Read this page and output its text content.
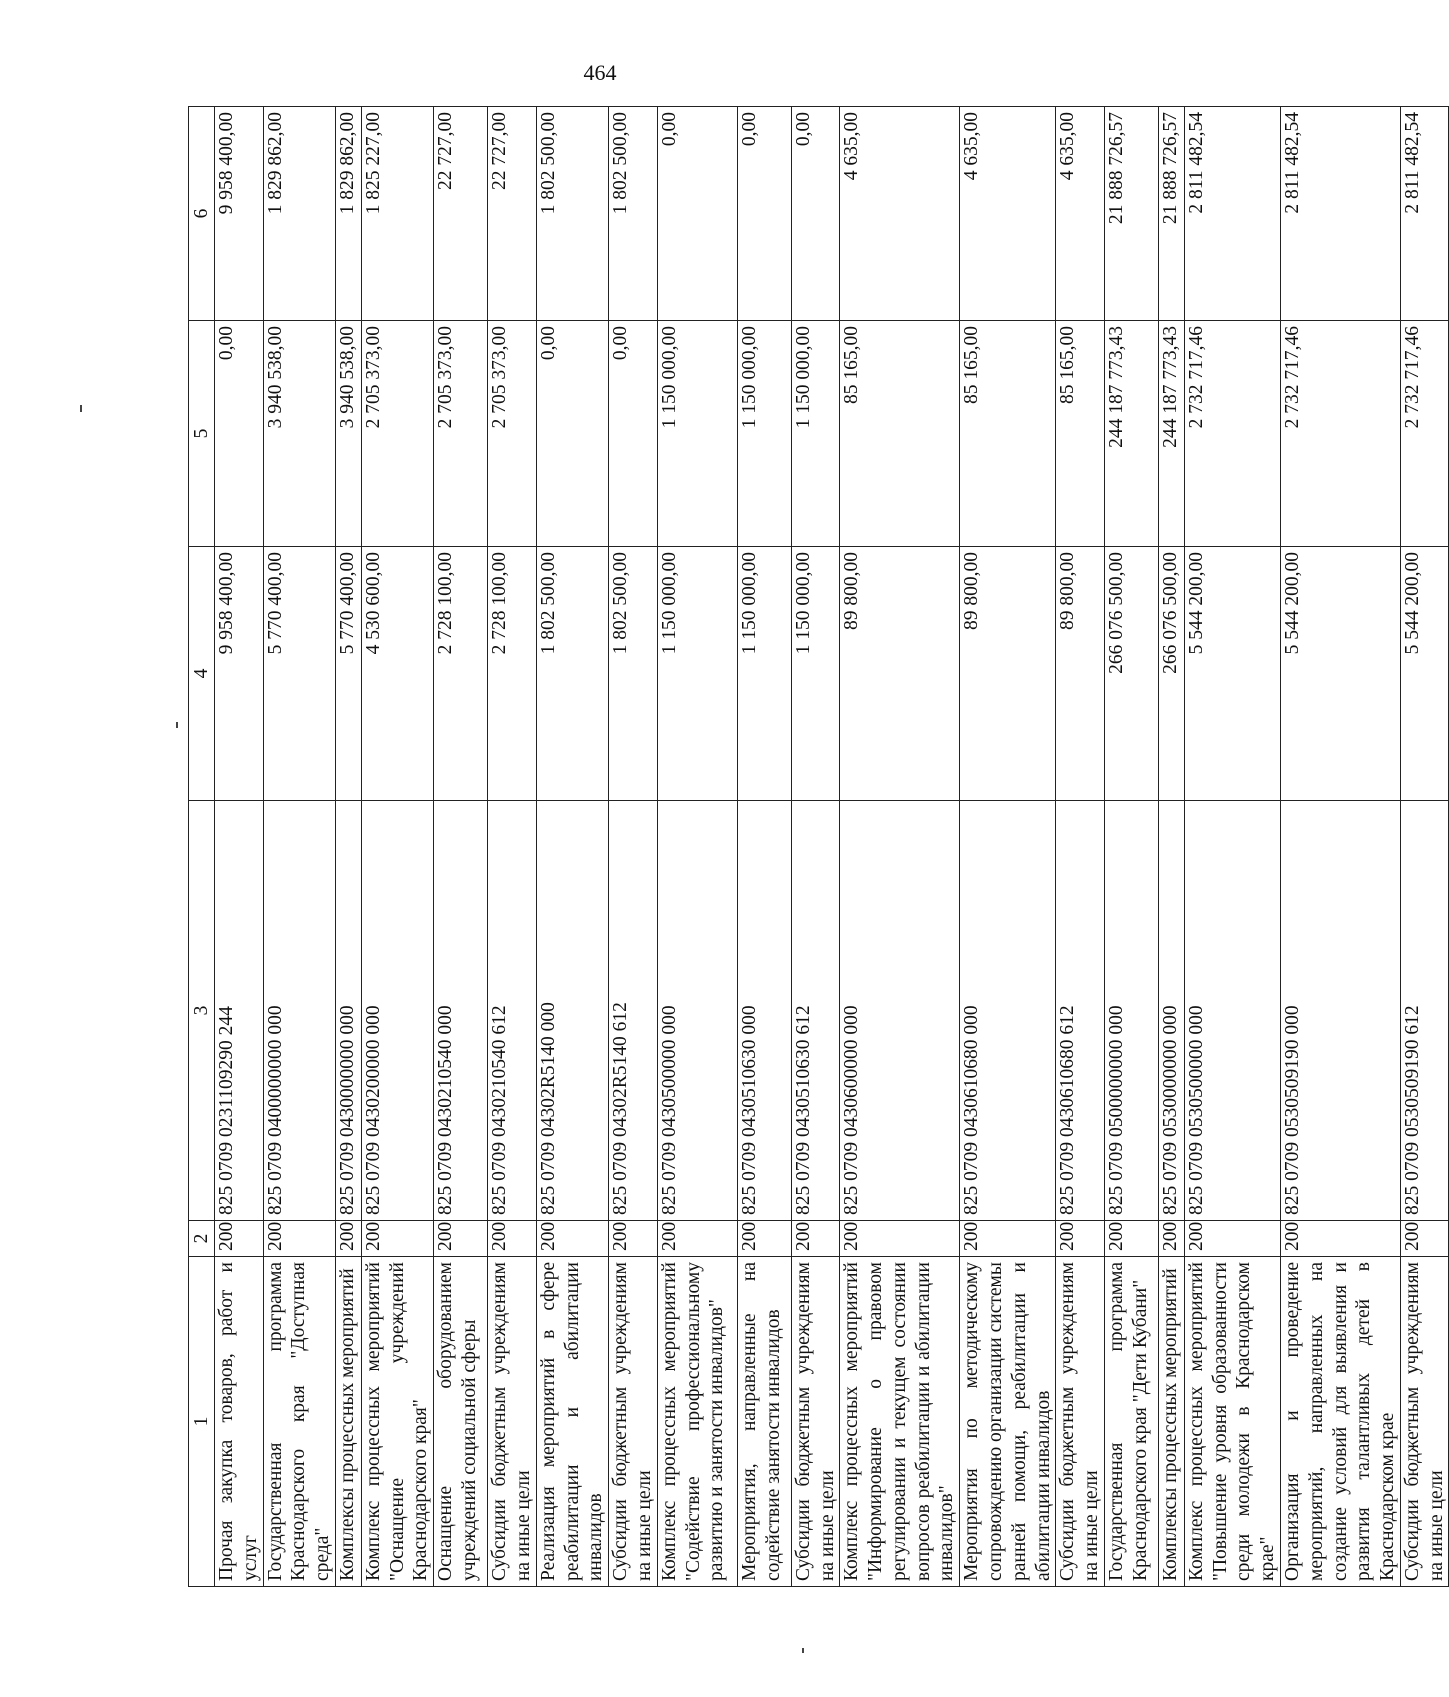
464
1	2	3	4	5	6
Прочая закупка товаров, работ и услуг	200	825 0709 0231109290 244	9 958 400,00	0,00	9 958 400,00
Государственная программа Краснодарского края "Доступная среда"	200	825 0709 0400000000 000	5 770 400,00	3 940 538,00	1 829 862,00
Комплексы процессных мероприятий	200	825 0709 0430000000 000	5 770 400,00	3 940 538,00	1 829 862,00
Комплекс процессных мероприятий "Оснащение учреждений Краснодарского края"	200	825 0709 0430200000 000	4 530 600,00	2 705 373,00	1 825 227,00
Оснащение оборудованием учреждений социальной сферы	200	825 0709 0430210540 000	2 728 100,00	2 705 373,00	22 727,00
Субсидии бюджетным учреждениям на иные цели	200	825 0709 0430210540 612	2 728 100,00	2 705 373,00	22 727,00
Реализация мероприятий в сфере реабилитации и абилитации инвалидов	200	825 0709 04302R5140 000	1 802 500,00	0,00	1 802 500,00
Субсидии бюджетным учреждениям на иные цели	200	825 0709 04302R5140 612	1 802 500,00	0,00	1 802 500,00
Комплекс процессных мероприятий "Содействие профессиональному развитию и занятости инвалидов"	200	825 0709 0430500000 000	1 150 000,00	1 150 000,00	0,00
Мероприятия, направленные на содействие занятости инвалидов	200	825 0709 0430510630 000	1 150 000,00	1 150 000,00	0,00
Субсидии бюджетным учреждениям на иные цели	200	825 0709 0430510630 612	1 150 000,00	1 150 000,00	0,00
Комплекс процессных мероприятий "Информирование о правовом регулировании и текущем состоянии вопросов реабилитации и абилитации инвалидов"	200	825 0709 0430600000 000	89 800,00	85 165,00	4 635,00
Мероприятия по методическому сопровождению организации системы ранней помощи, реабилитации и абилитации инвалидов	200	825 0709 0430610680 000	89 800,00	85 165,00	4 635,00
Субсидии бюджетным учреждениям на иные цели	200	825 0709 0430610680 612	89 800,00	85 165,00	4 635,00
Государственная программа Краснодарского края "Дети Кубани"	200	825 0709 0500000000 000	266 076 500,00	244 187 773,43	21 888 726,57
Комплексы процессных мероприятий	200	825 0709 0530000000 000	266 076 500,00	244 187 773,43	21 888 726,57
Комплекс процессных мероприятий "Повышение уровня образованности среди молодежи в Краснодарском крае"	200	825 0709 0530500000 000	5 544 200,00	2 732 717,46	2 811 482,54
Организация и проведение мероприятий, направленных на создание условий для выявления и развития талантливых детей в Краснодарском крае	200	825 0709 0530509190 000	5 544 200,00	2 732 717,46	2 811 482,54
Субсидии бюджетным учреждениям на иные цели	200	825 0709 0530509190 612	5 544 200,00	2 732 717,46	2 811 482,54
